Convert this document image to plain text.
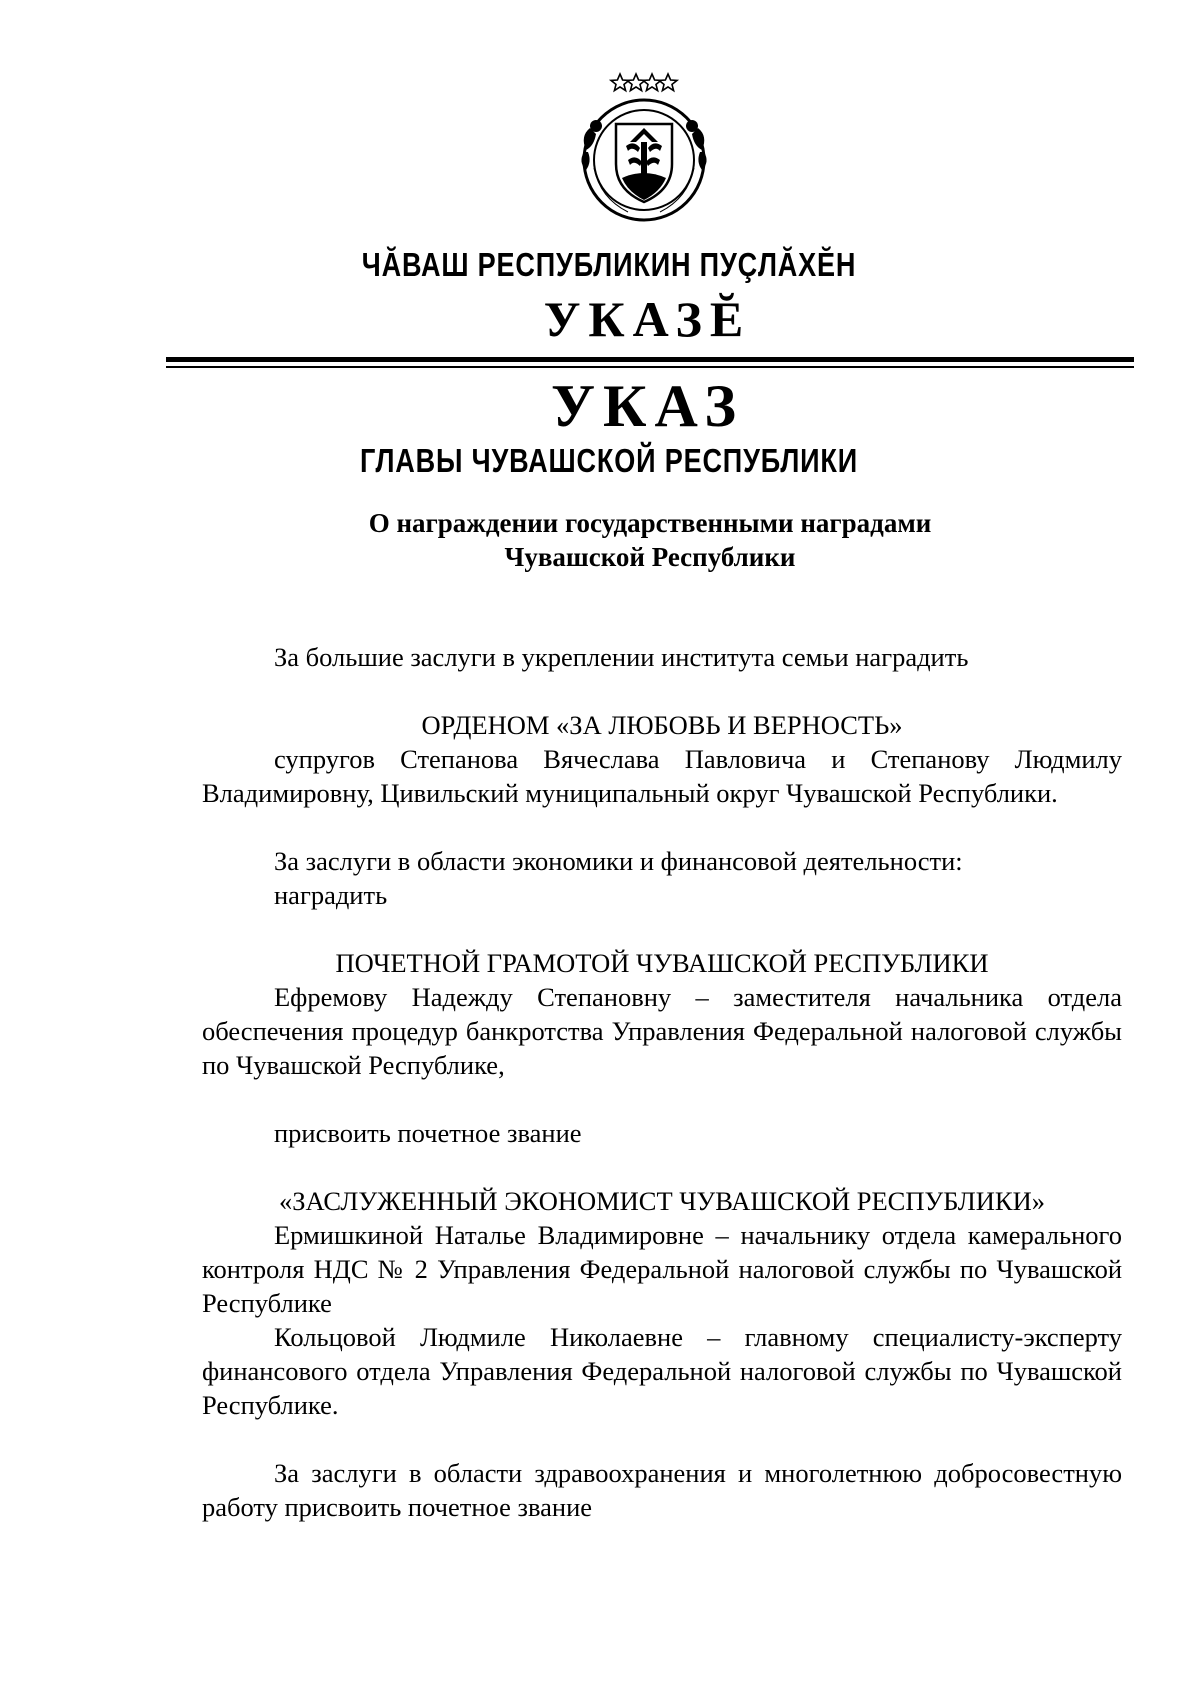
ЧĂВАШ РЕСПУБЛИКИН ПУÇЛĂХĔН
УКАЗĔ
УКАЗ
ГЛАВЫ ЧУВАШСКОЙ РЕСПУБЛИКИ
О награждении государственными наградами
Чувашской Республики

За большие заслуги в укреплении института семьи наградить

ОРДЕНОМ «ЗА ЛЮБОВЬ И ВЕРНОСТЬ»

супругов Степанова Вячеслава Павловича и Степанову Людмилу Владимировну, Цивильский муниципальный округ Чувашской Республики.

За заслуги в области экономики и финансовой деятельности:

наградить

ПОЧЕТНОЙ ГРАМОТОЙ ЧУВАШСКОЙ РЕСПУБЛИКИ

Ефремову Надежду Степановну – заместителя начальника отдела обеспечения процедур банкротства Управления Федеральной налоговой службы по Чувашской Республике,

присвоить почетное звание

«ЗАСЛУЖЕННЫЙ ЭКОНОМИСТ ЧУВАШСКОЙ РЕСПУБЛИКИ»

Ермишкиной Наталье Владимировне – начальнику отдела камерального контроля НДС № 2 Управления Федеральной налоговой службы по Чувашской Республике

Кольцовой Людмиле Николаевне – главному специалисту-эксперту финансового отдела Управления Федеральной налоговой службы по Чувашской Республике.

За заслуги в области здравоохранения и многолетнюю добросовестную работу присвоить почетное звание
